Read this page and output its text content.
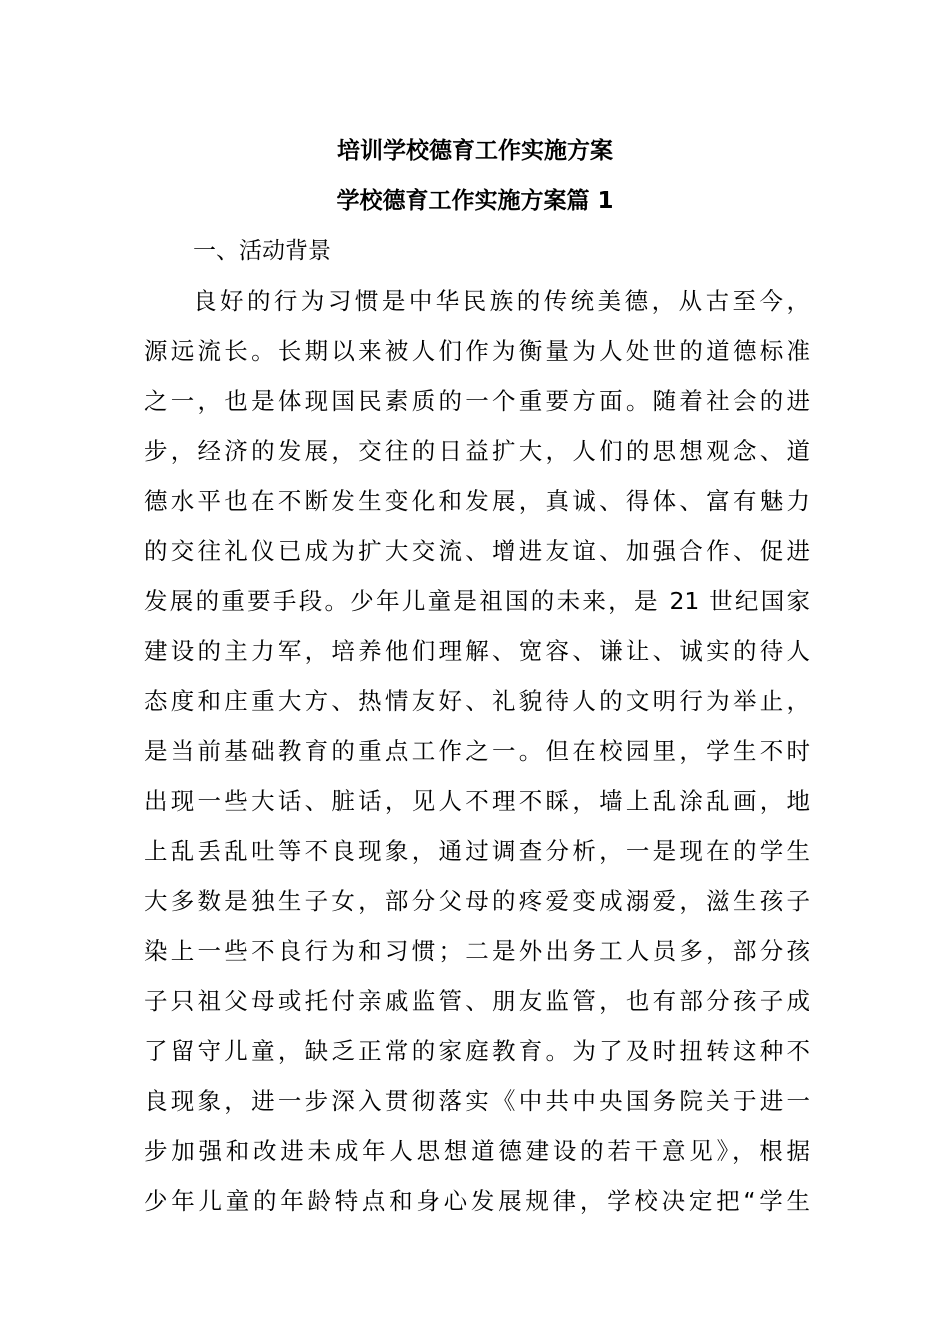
培训学校德育工作实施方案
学校德育工作实施方案篇 1
一、活动背景
良好的行为习惯是中华民族的传统美德，从古至今，
源远流长。长期以来被人们作为衡量为人处世的道德标准
之一，也是体现国民素质的一个重要方面。随着社会的进
步，经济的发展，交往的日益扩大，人们的思想观念、道
德水平也在不断发生变化和发展，真诚、得体、富有魅力
的交往礼仪已成为扩大交流、增进友谊、加强合作、促进
发展的重要手段。少年儿童是祖国的未来，是 21 世纪国家
建设的主力军，培养他们理解、宽容、谦让、诚实的待人
态度和庄重大方、热情友好、礼貌待人的文明行为举止，
是当前基础教育的重点工作之一。但在校园里，学生不时
出现一些大话、脏话，见人不理不睬，墙上乱涂乱画，地
上乱丢乱吐等不良现象，通过调查分析，一是现在的学生
大多数是独生子女，部分父母的疼爱变成溺爱，滋生孩子
染上一些不良行为和习惯；二是外出务工人员多，部分孩
子只祖父母或托付亲戚监管、朋友监管，也有部分孩子成
了留守儿童，缺乏正常的家庭教育。为了及时扭转这种不
良现象，进一步深入贯彻落实《中共中央国务院关于进一
步加强和改进未成年人思想道德建设的若干意见》，根据
少年儿童的年龄特点和身心发展规律，学校决定把“学生
